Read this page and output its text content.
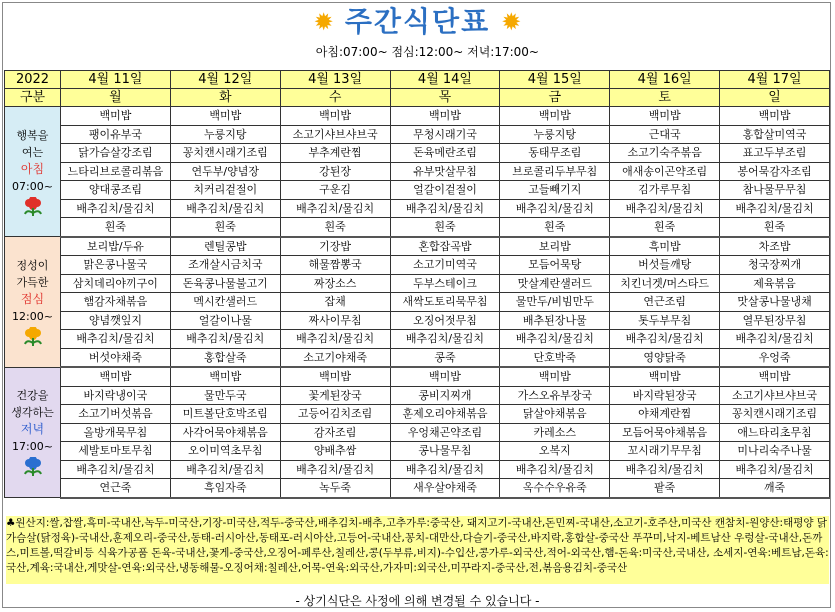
✹ 주간식단표 ✹
아침:07:00~ 점심:12:00~ 저녁:17:00~
2022	4월 11일	4월 12일	4월 13일	4월 14일	4월 15일	4월 16일	4월 17일
구분	월	화	수	목	금	토	일

행복을
여는
아침
07:00~	백미밥	백미밥	백미밥	백미밥	백미밥	백미밥	백미밥
	팽이유부국	누룽지탕	소고기샤브샤브국	무청시래기국	누룽지탕	근대국	홍합살미역국
	닭가슴살강조림	꽁치캔시래기조림	부추계란찜	돈육메란조림	동태무조림	소고기숙주볶음	표고두부조림
	느타리브로콜리볶음	연두부/양념장	강된장	유부맛살무침	브로콜리두부무침	애새송이곤약조림	봉어묵감자조림
	양대콩조림	치커리겉절이	구운김	얼갈이겉절이	고들빼기지	김가루무침	참나물무무침
	배추김치/물김치	배추김치/물김치	배추김치/물김치	배추김치/물김치	배추김치/물김치	배추김치/물김치	배추김치/물김치
	흰죽	흰죽	흰죽	흰죽	흰죽	흰죽	흰죽

정성이
가득한
점심
12:00~	보리밥/두유	렌틸콩밥	기장밥	혼합잡곡밥	보리밥	흑미밥	차조밥
	맑은콩나물국	조개살시금치국	해물짬뽕국	소고기미역국	모듬어묵탕	버섯들깨탕	청국장찌개
	삼치데리야끼구이	돈육콩나물불고기	짜장소스	두부스테이크	맛살계란샐러드	치킨너겟/머스타드	제육볶음
	햄감자채볶음	멕시칸샐러드	잡채	새싹도토리묵무침	물만두/비빔만두	연근조림	맛살콩나물냉채
	양념깻잎지	얼갈이나물	짜사이무침	오징어젓무침	배추된장나물	톳두부무침	열무된장무침
	배추김치/물김치	배추김치/물김치	배추김치/물김치	배추김치/물김치	배추김치/물김치	배추김치/물김치	배추김치/물김치
	버섯야채죽	홍합살죽	소고기야채죽	콩죽	단호박죽	영양닭죽	우엉죽

건강을
생각하는
저녁
17:00~	백미밥	백미밥	백미밥	백미밥	백미밥	백미밥	백미밥
	바지락냉이국	물만두국	꽃게된장국	콩비지찌개	가스오유부장국	바지락된장국	소고기샤브샤브국
	소고기버섯볶음	미트볼단호박조림	고등어김치조림	훈제오리야채볶음	닭살야채볶음	야채계란찜	꽁치캔시래기조림
	올방개묵무침	사각어묵야채볶음	감자조림	우엉채곤약조림	카레소스	모듬어묵야채볶음	애느타리초무침
	세발토마토무침	오이미역초무침	양배추쌈	콩나물무침	오복지	꼬시래기무무침	미나리숙주나물
	배추김치/물김치	배추김치/물김치	배추김치/물김치	배추김치/물김치	배추김치/물김치	배추김치/물김치	배추김치/물김치
	연근죽	흑임자죽	녹두죽	새우살야채죽	옥수수우유죽	팥죽	깨죽
♣원산지:쌀,찹쌀,흑미-국내산,녹두-미국산,기장-미국산,적두-중국산,배추김치-배추,고추가루:중국산, 돼지고기-국내산,돈민찌-국내산,소고기-호주산,미국산 캔참치-원양산:태평양 닭가슴살(닭정육)-국내산,훈제오리-중국산,동태-러시아산,동태포-러시아산,고등어-국내산,꽁치-대만산,다슬기-중국산,바지락,홍합살-중국산 푸꾸미,낙지-베트남산 우렁살-국내산,돈까스,미트볼,떡갈비등 식육가공품 돈육-국내산,꽃게-중국산,오징어-페루산,칠레산,콩(두부류,비지)-수입산,콩가루-외국산,적어-외국산,햄-돈육:미국산,국내산, 소세지-연육:베트남,돈육:국산,계육:국내산,게맛살-연육:외국산,냉동해물-오징어채:칠레산,어묵-연육:외국산,가자미:외국산,미꾸라지-중국산,전,볶음용김치-중국산
- 상기식단은 사정에 의해 변경될 수 있습니다 -
